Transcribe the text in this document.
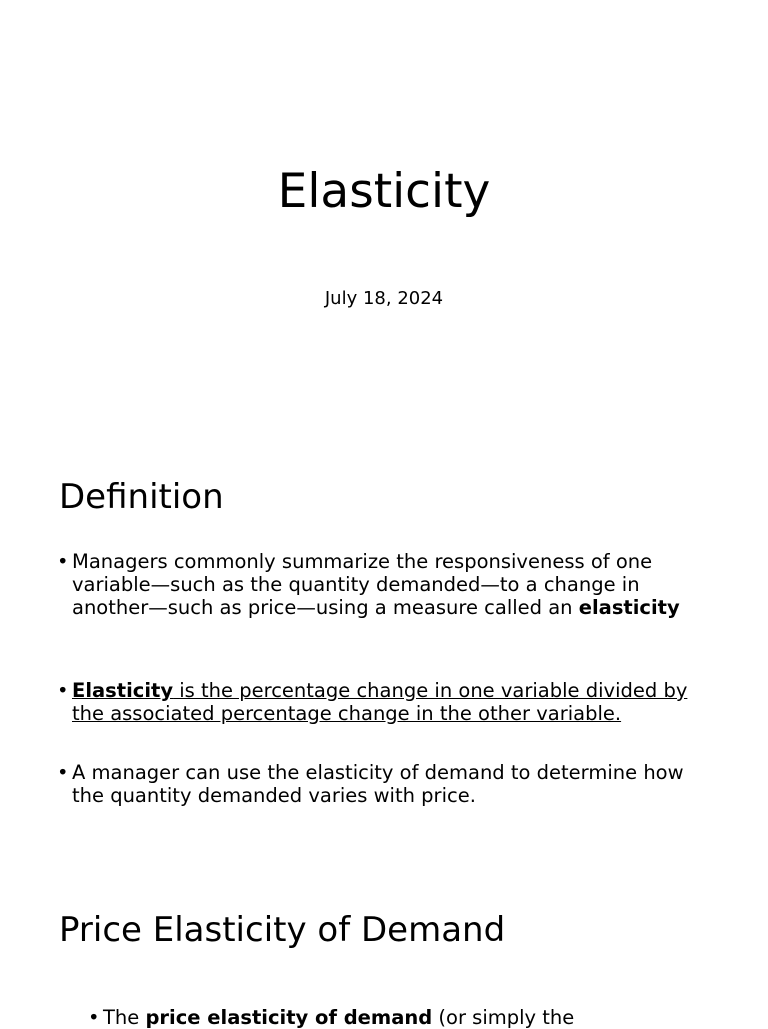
Elasticity
July 18, 2024
Definition
• Managers commonly summarize the responsiveness of one variable—such as the quantity demanded—to a change in another—such as price—using a measure called an elasticity
• Elasticity is the percentage change in one variable divided by the associated percentage change in the other variable.
• A manager can use the elasticity of demand to determine how the quantity demanded varies with price.
Price Elasticity of Demand
• The price elasticity of demand (or simply the
